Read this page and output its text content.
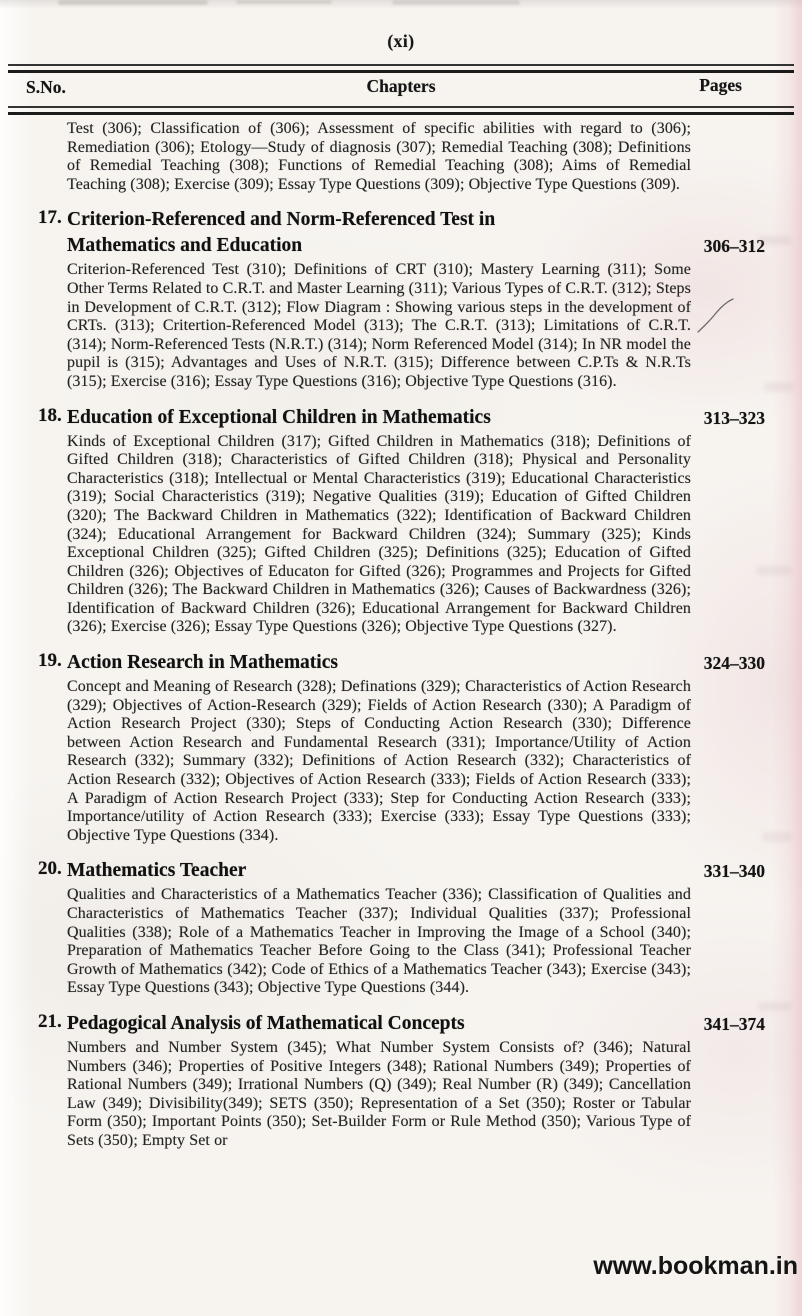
(xi)
S.No.	Chapters	Pages

Test (306); Classification of (306); Assessment of specific abilities with regard to (306); Remediation (306); Etology—Study of diagnosis (307); Remedial Teaching (308); Definitions of Remedial Teaching (308); Functions of Remedial Teaching (308); Aims of Remedial Teaching (308); Exercise (309); Essay Type Questions (309); Objective Type Questions (309).

17. Criterion-Referenced and Norm-Referenced Test in Mathematics and Education

Criterion-Referenced Test (310); Definitions of CRT (310); Mastery Learning (311); Some Other Terms Related to C.R.T. and Master Learning (311); Various Types of C.R.T. (312); Steps in Development of C.R.T. (312); Flow Diagram : Showing various steps in the development of CRTs. (313); Critertion-Referenced Model (313); The C.R.T. (313); Limitations of C.R.T. (314); Norm-Referenced Tests (N.R.T.) (314); Norm Referenced Model (314); In NR model the pupil is (315); Advantages and Uses of N.R.T. (315); Difference between C.P.Ts & N.R.Ts (315); Exercise (316); Essay Type Questions (316); Objective Type Questions (316).

306–312
18. Education of Exceptional Children in Mathematics

Kinds of Exceptional Children (317); Gifted Children in Mathematics (318); Definitions of Gifted Children (318); Characteristics of Gifted Children (318); Physical and Personality Characteristics (318); Intellectual or Mental Characteristics (319); Educational Characteristics (319); Social Characteristics (319); Negative Qualities (319); Education of Gifted Children (320); The Backward Children in Mathematics (322); Identification of Backward Children (324); Educational Arrangement for Backward Children (324); Summary (325); Kinds Exceptional Children (325); Gifted Children (325); Definitions (325); Education of Gifted Children (326); Objectives of Educaton for Gifted (326); Programmes and Projects for Gifted Children (326); The Backward Children in Mathematics (326); Causes of Backwardness (326); Identification of Backward Children (326); Educational Arrangement for Backward Children (326); Exercise (326); Essay Type Questions (326); Objective Type Questions (327).

313–323
19. Action Research in Mathematics

Concept and Meaning of Research (328); Definations (329); Characteristics of Action Research (329); Objectives of Action-Research (329); Fields of Action Research (330); A Paradigm of Action Research Project (330); Steps of Conducting Action Research (330); Difference between Action Research and Fundamental Research (331); Importance/Utility of Action Research (332); Summary (332); Definitions of Action Research (332); Characteristics of Action Research (332); Objectives of Action Research (333); Fields of Action Research (333); A Paradigm of Action Research Project (333); Step for Conducting Action Research (333); Importance/utility of Action Research (333); Exercise (333); Essay Type Questions (333); Objective Type Questions (334).

324–330
20. Mathematics Teacher

Qualities and Characteristics of a Mathematics Teacher (336); Classification of Qualities and Characteristics of Mathematics Teacher (337); Individual Qualities (337); Professional Qualities (338); Role of a Mathematics Teacher in Improving the Image of a School (340); Preparation of Mathematics Teacher Before Going to the Class (341); Professional Teacher Growth of Mathematics (342); Code of Ethics of a Mathematics Teacher (343); Exercise (343); Essay Type Questions (343); Objective Type Questions (344).

331–340
21. Pedagogical Analysis of Mathematical Concepts

Numbers and Number System (345); What Number System Consists of? (346); Natural Numbers (346); Properties of Positive Integers (348); Rational Numbers (349); Properties of Rational Numbers (349); Irrational Numbers (Q) (349); Real Number (R) (349); Cancellation Law (349); Divisibility(349); SETS (350); Representation of a Set (350); Roster or Tabular Form (350); Important Points (350); Set-Builder Form or Rule Method (350); Various Type of Sets (350); Empty Set or

341–374
www.bookman.in
